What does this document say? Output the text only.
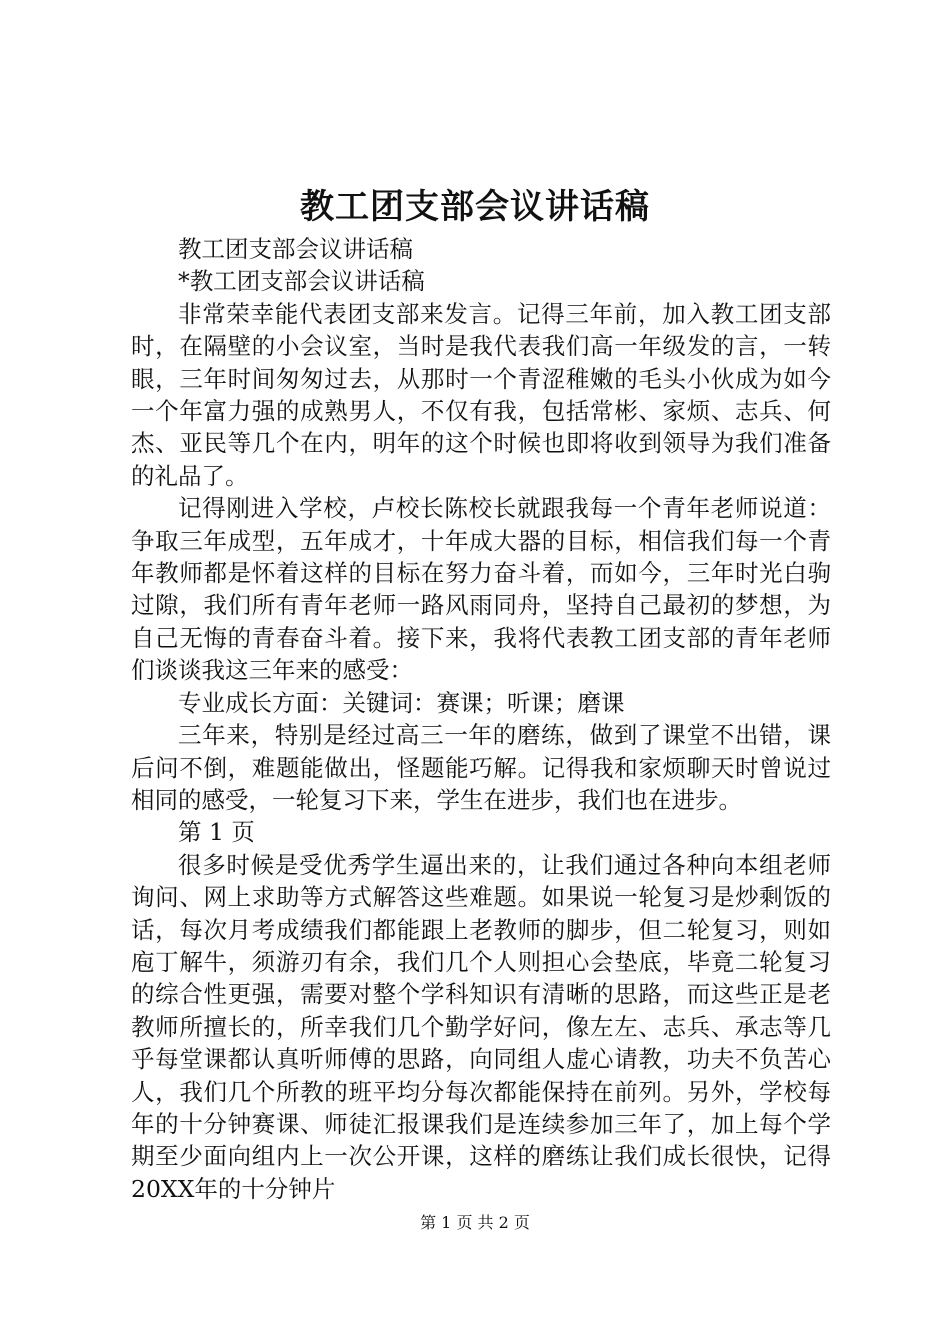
教工团支部会议讲话稿

教工团支部会议讲话稿

*教工团支部会议讲话稿

非常荣幸能代表团支部来发言。记得三年前，加入教工团支部时，在隔壁的小会议室，当时是我代表我们高一年级发的言，一转眼，三年时间匆匆过去，从那时一个青涩稚嫩的毛头小伙成为如今一个年富力强的成熟男人，不仅有我，包括常彬、家烦、志兵、何杰、亚民等几个在内，明年的这个时候也即将收到领导为我们准备的礼品了。

记得刚进入学校，卢校长陈校长就跟我每一个青年老师说道：争取三年成型，五年成才，十年成大器的目标，相信我们每一个青年教师都是怀着这样的目标在努力奋斗着，而如今，三年时光白驹过隙，我们所有青年老师一路风雨同舟，坚持自己最初的梦想，为自己无悔的青春奋斗着。接下来，我将代表教工团支部的青年老师们谈谈我这三年来的感受：

专业成长方面：关键词：赛课；听课；磨课

三年来，特别是经过高三一年的磨练，做到了课堂不出错，课后问不倒，难题能做出，怪题能巧解。记得我和家烦聊天时曾说过相同的感受，一轮复习下来，学生在进步，我们也在进步。

第 1 页

很多时候是受优秀学生逼出来的，让我们通过各种向本组老师询问、网上求助等方式解答这些难题。如果说一轮复习是炒剩饭的话，每次月考成绩我们都能跟上老教师的脚步，但二轮复习，则如庖丁解牛，须游刃有余，我们几个人则担心会垫底，毕竟二轮复习的综合性更强，需要对整个学科知识有清晰的思路，而这些正是老教师所擅长的，所幸我们几个勤学好问，像左左、志兵、承志等几乎每堂课都认真听师傅的思路，向同组人虚心请教，功夫不负苦心人，我们几个所教的班平均分每次都能保持在前列。另外，学校每年的十分钟赛课、师徒汇报课我们是连续参加三年了，加上每个学期至少面向组内上一次公开课，这样的磨练让我们成长很快，记得20XX年的十分钟片

第 1 页 共 2 页
